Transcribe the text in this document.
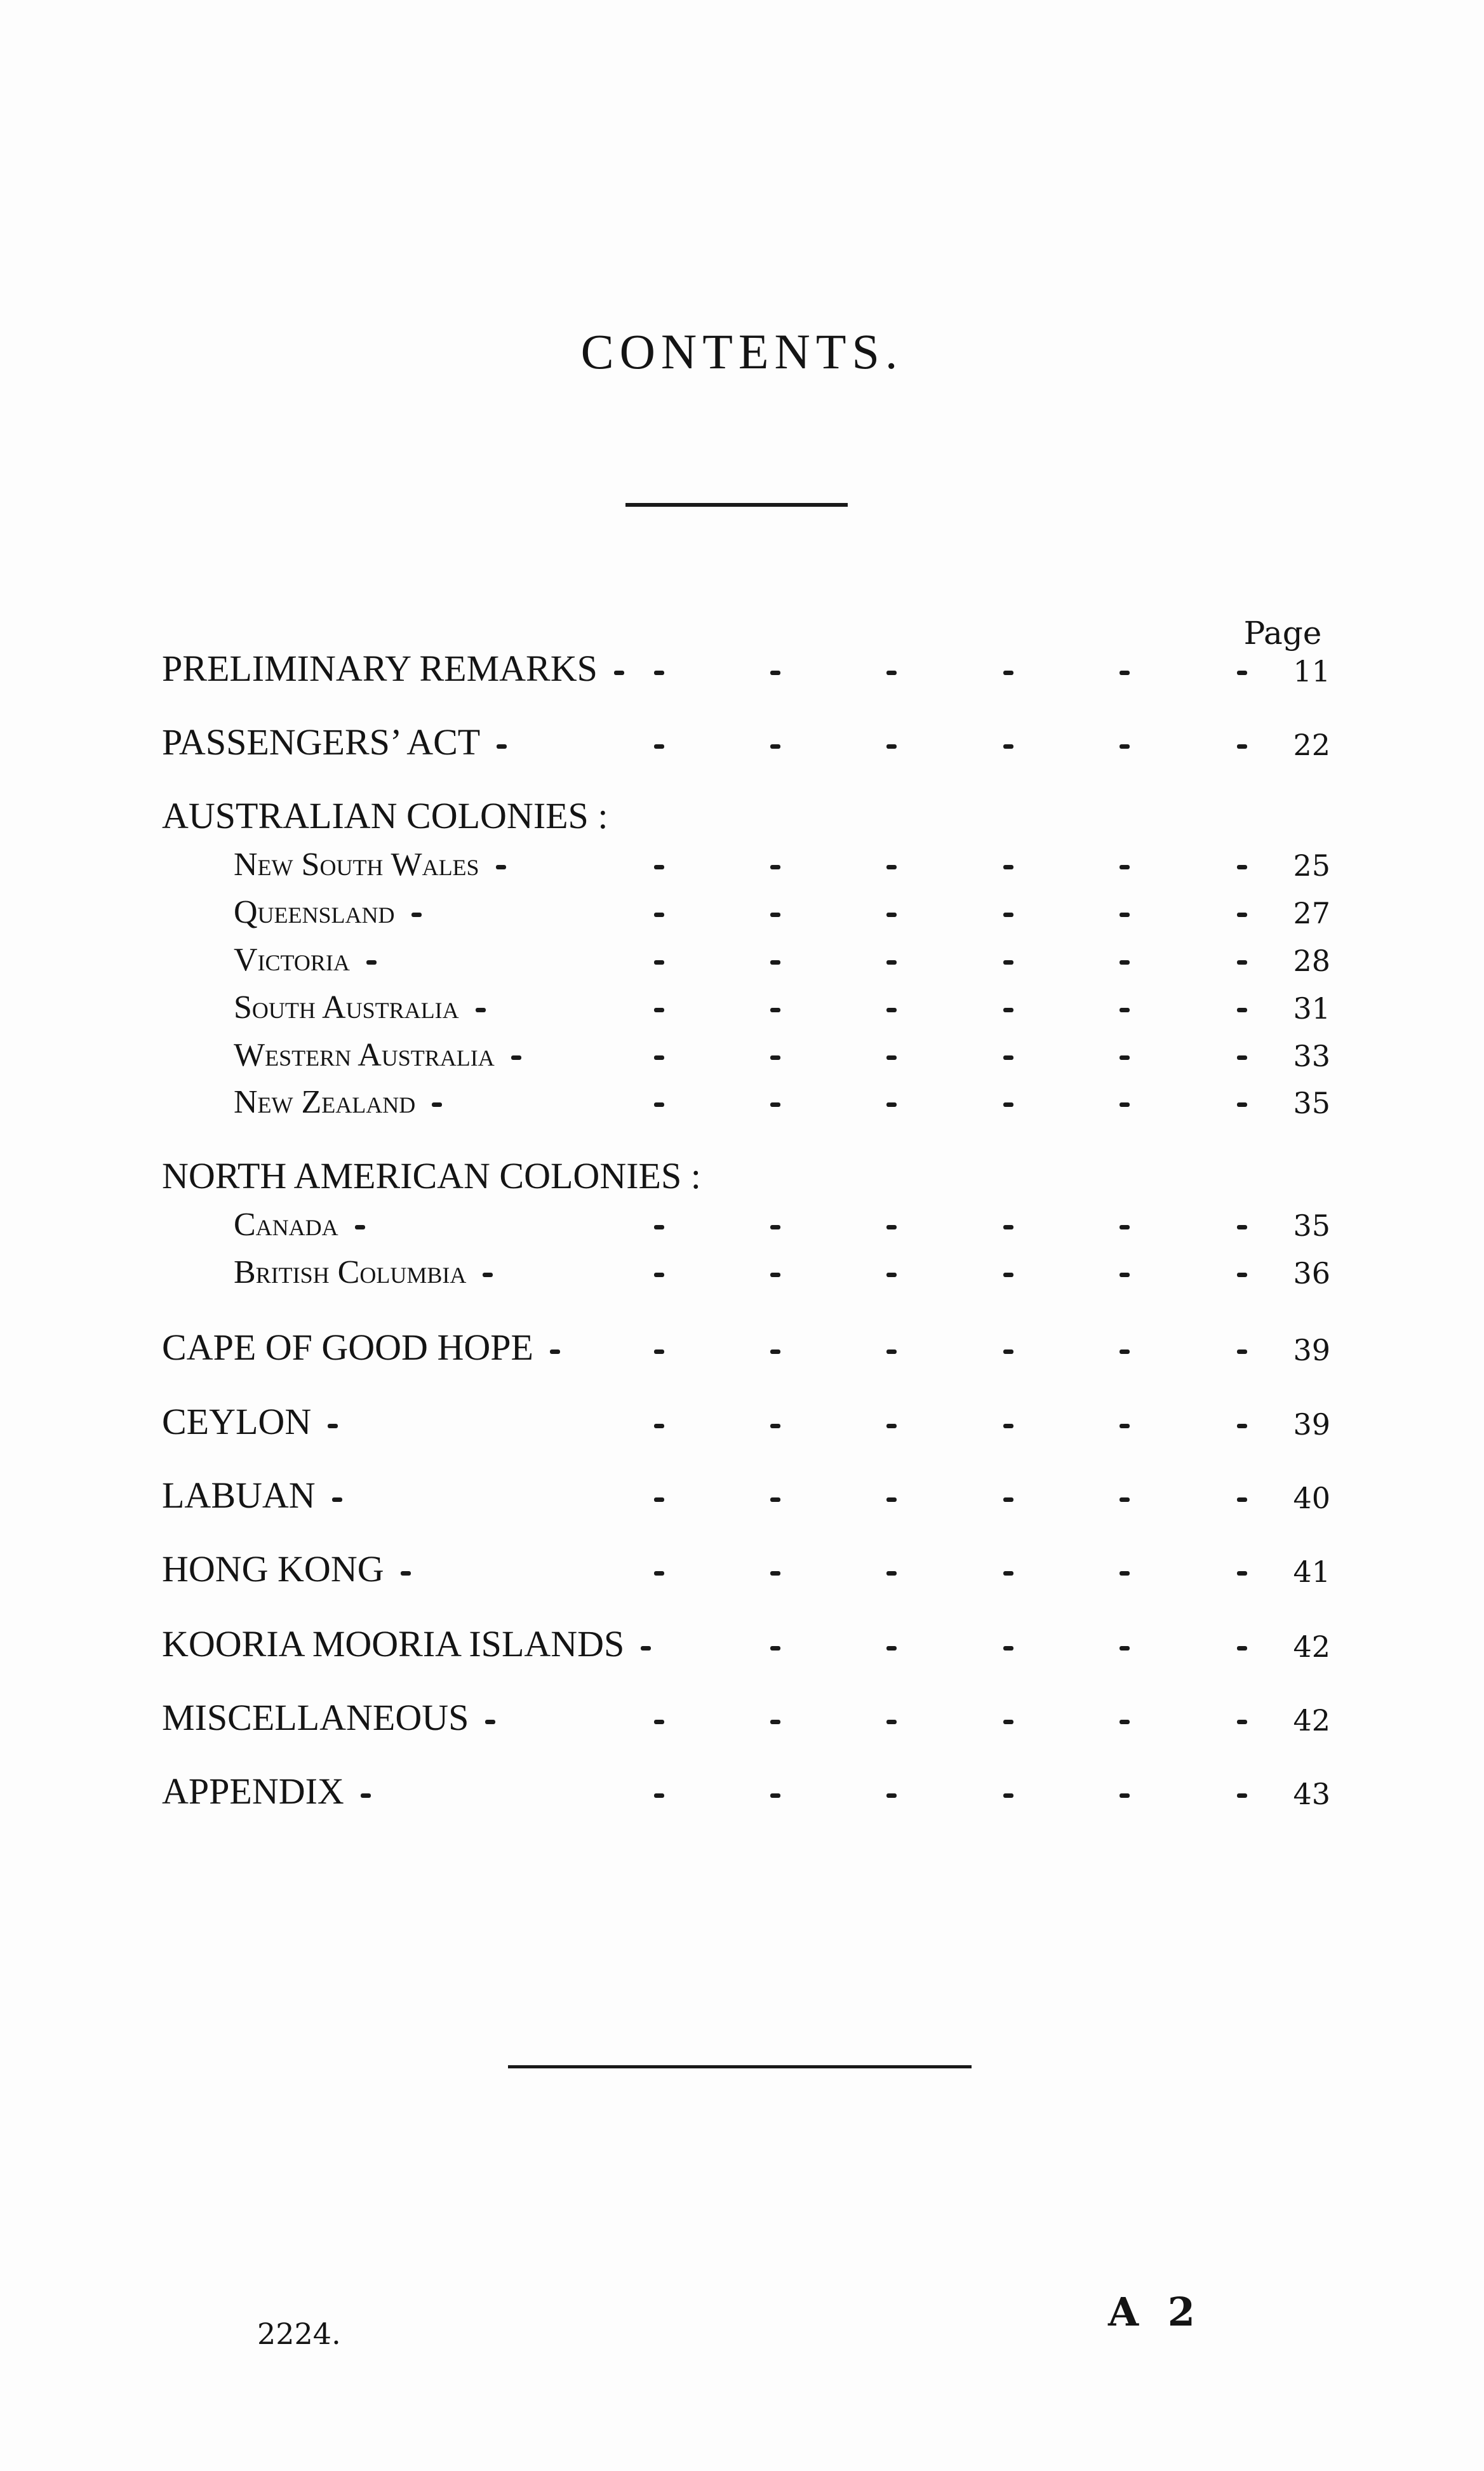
CONTENTS.
Page
PRELIMINARY REMARKS	11
PASSENGERS’ ACT	22
AUSTRALIAN COLONIES :
New South Wales	25
Queensland	27
Victoria	28
South Australia	31
Western Australia	33
New Zealand	35
NORTH AMERICAN COLONIES :
Canada	35
British Columbia	36
CAPE OF GOOD HOPE	39
CEYLON	39
LABUAN	40
HONG KONG	41
KOORIA MOORIA ISLANDS	42
MISCELLANEOUS	42
APPENDIX	43
2224.	A 2
